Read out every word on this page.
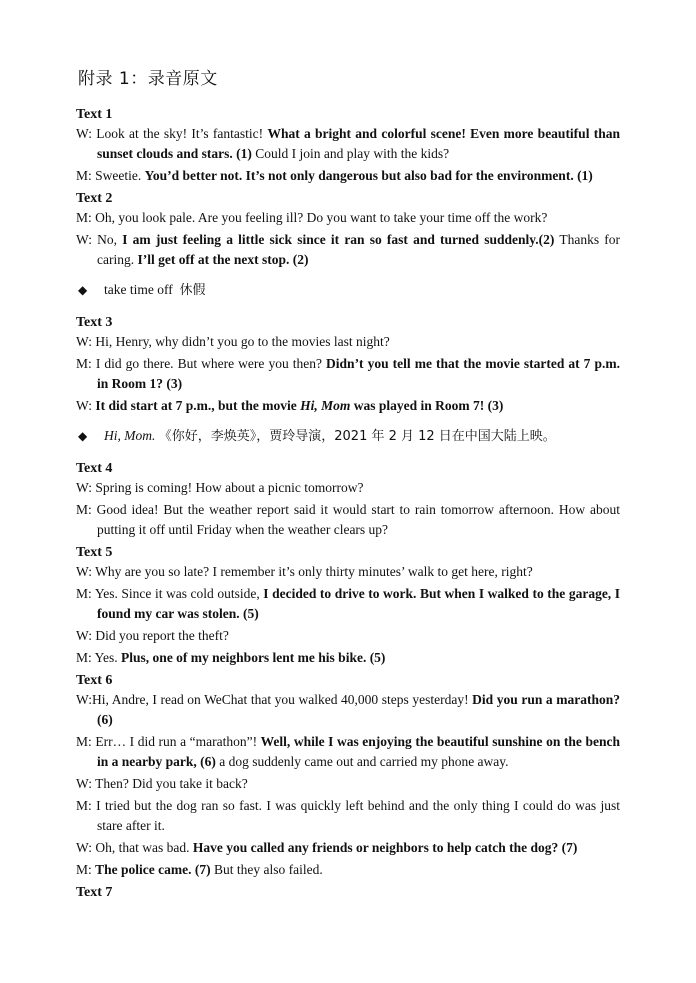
附录 1：录音原文
Text 1
W: Look at the sky! It’s fantastic! What a bright and colorful scene! Even more beautiful than sunset clouds and stars. (1) Could I join and play with the kids?
M: Sweetie. You’d better not. It’s not only dangerous but also bad for the environment. (1)
Text 2
M: Oh, you look pale. Are you feeling ill? Do you want to take your time off the work?
W: No, I am just feeling a little sick since it ran so fast and turned suddenly.(2) Thanks for caring. I’ll get off at the next stop. (2)
◆ take time off 休假
Text 3
W: Hi, Henry, why didn’t you go to the movies last night?
M: I did go there. But where were you then? Didn’t you tell me that the movie started at 7 p.m. in Room 1? (3)
W: It did start at 7 p.m., but the movie Hi, Mom was played in Room 7! (3)
◆ Hi, Mom. 《你好，李焕英》，贾玲导演，2021 年 2 月 12 日在中国大陆上映。
Text 4
W: Spring is coming! How about a picnic tomorrow?
M: Good idea! But the weather report said it would start to rain tomorrow afternoon. How about putting it off until Friday when the weather clears up?
Text 5
W: Why are you so late? I remember it’s only thirty minutes’ walk to get here, right?
M: Yes. Since it was cold outside, I decided to drive to work. But when I walked to the garage, I found my car was stolen. (5)
W: Did you report the theft?
M: Yes. Plus, one of my neighbors lent me his bike. (5)
Text 6
W:Hi, Andre, I read on WeChat that you walked 40,000 steps yesterday! Did you run a marathon? (6)
M: Err… I did run a “marathon”! Well, while I was enjoying the beautiful sunshine on the bench in a nearby park, (6) a dog suddenly came out and carried my phone away.
W: Then? Did you take it back?
M: I tried but the dog ran so fast. I was quickly left behind and the only thing I could do was just stare after it.
W: Oh, that was bad. Have you called any friends or neighbors to help catch the dog? (7)
M: The police came. (7) But they also failed.
Text 7
